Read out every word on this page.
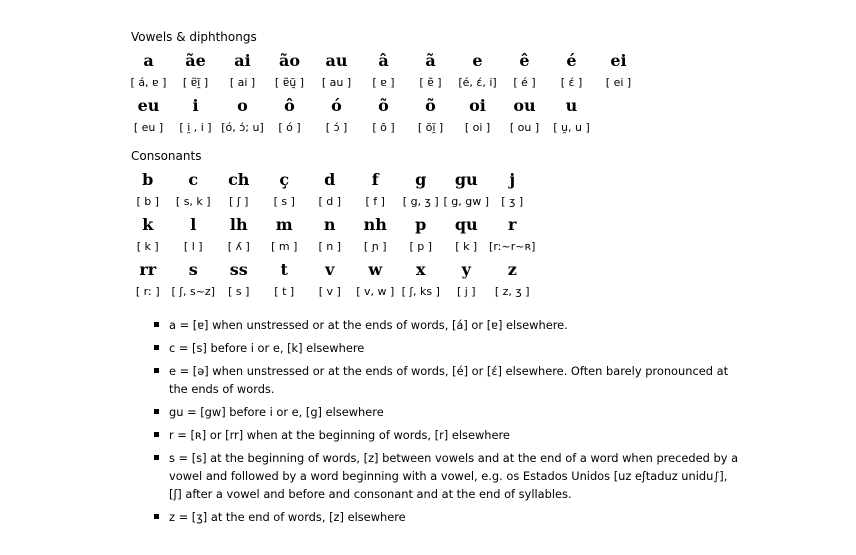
Vowels & diphthongs
a	ãe	ai	ão	au	â	ã	e	ê	é	ei
[ á, ɐ ]	[ ɐ̃ĩ̯ ]	[ ai ]	[ ɐ̃ũ̯ ]	[ au ]	[ ɐ ]	[ ɐ̃ ]	[é, ɛ́, i]	[ é ]	[ ɛ́ ]	[ ei ]
eu	i	o	ô	ó	õ	õ	oi	ou	u	
[ eu ]	[ i̯ , i ]	[ó, ɔ́; u]	[ ó ]	[ ɔ́ ]	[ õ ]	[ õĩ̯ ]	[ oi ]	[ ou ]	[ u̯, u ]	
Consonants
b	c	ch	ç	d	f	g	gu	j		
[ b ]	[ s, k ]	[ ʃ ]	[ s ]	[ d ]	[ f ]	[ g, ʒ ]	[ g, gw ]	[ ʒ ]		
k	l	lh	m	n	nh	p	qu	r		
[ k ]	[ l ]	[ ʎ ]	[ m ]	[ n ]	[ ɲ ]	[ p ]	[ k ]	[rː~r~ʀ]		
rr	s	ss	t	v	w	x	y	z		
[ rː ]	[ ʃ, s~z]	[ s ]	[ t ]	[ v ]	[ v, w ]	[ ʃ, ks ]	[ j ]	[ z, ʒ ]		
a = [ɐ] when unstressed or at the ends of words, [á] or [ɐ] elsewhere.
c = [s] before i or e, [k] elsewhere
e = [ə] when unstressed or at the ends of words, [é] or [ɛ́] elsewhere. Often barely pronounced at the ends of words.
gu = [gw] before i or e, [g] elsewhere
r = [ʀ] or [rr] when at the beginning of words, [r] elsewhere
s = [s] at the beginning of words, [z] between vowels and at the end of a word when preceded by a vowel and followed by a word beginning with a vowel, e.g. os Estados Unidos [uz eʃtaduz unidu∫], [ʃ] after a vowel and before and consonant and at the end of syllables.
z = [ʒ] at the end of words, [z] elsewhere
